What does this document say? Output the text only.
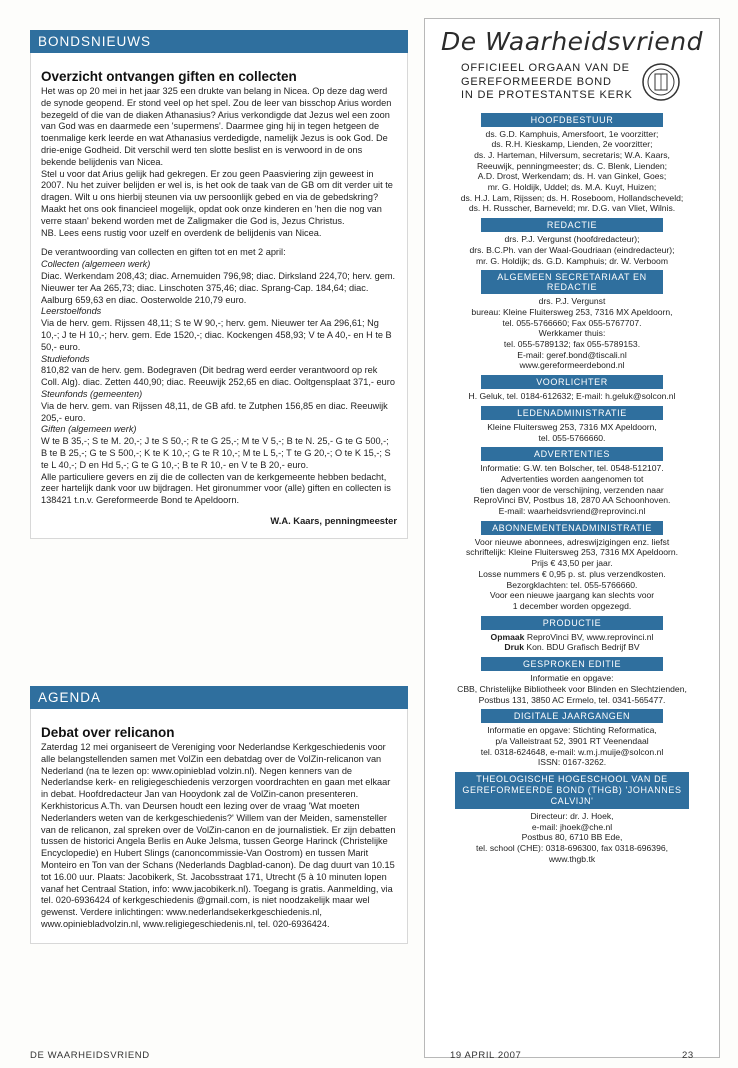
BONDSNIEUWS
Overzicht ontvangen giften en collecten

Het was op 20 mei in het jaar 325 een drukte van belang in Nicea. Op deze dag werd de synode geopend. Er stond veel op het spel. Zou de leer van bisschop Arius worden bezegeld of die van de diaken Athanasius? Arius verkondigde dat Jezus wel een zoon van God was en daarmede een 'supermens'. Daarmee ging hij in tegen hetgeen de toenmalige kerk leerde en wat Athanasius verdedigde, namelijk Jezus is ook God. De drie-enige Godheid. Dit verschil werd ten slotte beslist en is verwoord in de ons bekende belijdenis van Nicea.

Stel u voor dat Arius gelijk had gekregen. Er zou geen Paasviering zijn geweest in 2007. Nu het zuiver belijden er wel is, is het ook de taak van de GB om dit verder uit te dragen. Wilt u ons hierbij steunen via uw persoonlijk gebed en via de gebedskring? Maakt het ons ook financieel mogelijk, opdat ook onze kinderen en 'hen die nog van verre staan' bekend worden met de Zaligmaker die God is, Jezus Christus.

NB. Lees eens rustig voor uzelf en overdenk de belijdenis van Nicea.

De verantwoording van collecten en giften tot en met 2 april:

Collecten (algemeen werk)

Diac. Werkendam 208,43; diac. Arnemuiden 796,98; diac. Dirksland 224,70; herv. gem. Nieuwer ter Aa 265,73; diac. Linschoten 375,46; diac. Sprang-Cap. 184,64; diac. Aalburg 659,63 en diac. Oosterwolde 210,79 euro.

Leerstoelfonds

Via de herv. gem. Rijssen 48,11; S te W 90,-; herv. gem. Nieuwer ter Aa 296,61; Ng 10,-; J te H 10,-; herv. gem. Ede 1520,-; diac. Kockengen 458,93; V te A 40,- en H te B 50,- euro.

Studiefonds

810,82 van de herv. gem. Bodegraven (Dit bedrag werd eerder verantwoord op rek Coll. Alg). diac. Zetten 440,90; diac. Reeuwijk 252,65 en diac. Ooltgensplaat 371,- euro

Steunfonds (gemeenten)

Via de herv. gem. van Rijssen 48,11, de GB afd. te Zutphen 156,85 en diac. Reeuwijk 205,- euro.

Giften (algemeen werk)

W te B 35,-; S te M. 20,-; J te S 50,-; R te G 25,-; M te V 5,-; B te N. 25,- G te G 500,-; B te B 25,-; G te S 500,-; K te K 10,-; G te R 10,-; M te L 5,-; T te G 20,-; O te K 15,-; S te L 40,-; D en Hd 5,-; G te G 10,-; B te R 10,- en V te B 20,- euro.

Alle particuliere gevers en zij die de collecten van de kerkgemeente hebben bedacht, zeer hartelijk dank voor uw bijdragen. Het gironummer voor (alle) giften en collecten is 138421 t.n.v. Gereformeerde Bond te Apeldoorn.

W.A. Kaars, penningmeester
AGENDA
Debat over relicanon
Zaterdag 12 mei organiseert de Vereniging voor Nederlandse Kerkgeschiedenis voor alle belangstellenden samen met VolZin een debatdag over de VolZin-relicanon van Nederland (na te lezen op: www.opinieblad volzin.nl). Negen kenners van de Nederlandse kerk- en religiegeschiedenis verzorgen voordrachten en gaan met elkaar in debat. Hoofdredacteur Jan van Hooydonk zal de VolZin-canon presenteren. Kerkhistoricus A.Th. van Deursen houdt een lezing over de vraag 'Wat moeten Nederlanders weten van de kerkgeschiedenis?' Willem van der Meiden, samensteller van de relicanon, zal spreken over de VolZin-canon en de journalistiek. Er zijn debatten tussen de historici Angela Berlis en Auke Jelsma, tussen George Harinck (Christelijke Encyclopedie) en Hubert Slings (canoncommissie-Van Oostrom) en tussen Marit Monteiro en Ton van der Schans (Nederlands Dagblad-canon). De dag duurt van 10.15 tot 16.00 uur. Plaats: Jacobikerk, St. Jacobsstraat 171, Utrecht (5 à 10 minuten lopen vanaf het Centraal Station, info: www.jacobikerk.nl). Toegang is gratis. Aanmelding, via tel. 020-6936424 of kerkgeschiedenis @gmail.com, is niet noodzakelijk maar wel gewenst. Verdere inlichtingen: www.nederlandsekerkgeschiedenis.nl, www.opiniebladvolzin.nl, www.religiegeschiedenis.nl, tel. 020-6936424.
De Waarheidsvriend
OFFICIEEL ORGAAN VAN DE
GEREFORMEERDE BOND
IN DE PROTESTANTSE KERK
HOOFDBESTUUR
ds. G.D. Kamphuis, Amersfoort, 1e voorzitter;
ds. R.H. Kieskamp, Lienden, 2e voorzitter;
ds. J. Harteman, Hilversum, secretaris; W.A. Kaars,
Reeuwijk, penningmeester; ds. C. Blenk, Lienden;
A.D. Drost, Werkendam; ds. H. van Ginkel, Goes;
mr. G. Holdijk, Uddel; ds. M.A. Kuyt, Huizen;
ds. H.J. Lam, Rijssen; ds. H. Roseboom, Hollandscheveld;
ds. H. Russcher, Barneveld; mr. D.G. van Vliet, Wilnis.
REDACTIE
drs. P.J. Vergunst (hoofdredacteur);
drs. B.C.Ph. van der Waal-Goudriaan (eindredacteur);
mr. G. Holdijk; ds. G.D. Kamphuis; dr. W. Verboom
ALGEMEEN SECRETARIAAT EN REDACTIE
drs. P.J. Vergunst
bureau: Kleine Fluitersweg 253, 7316 MX Apeldoorn,
tel. 055-5766660; Fax 055-5767707.
Werkkamer thuis:
tel. 055-5789132; fax 055-5789153.
E-mail: geref.bond@tiscali.nl
www.gereformeerdebond.nl
VOORLICHTER
H. Geluk, tel. 0184-612632; E-mail: h.geluk@solcon.nl
LEDENADMINISTRATIE
Kleine Fluitersweg 253, 7316 MX Apeldoorn,
tel. 055-5766660.
ADVERTENTIES
Informatie: G.W. ten Bolscher, tel. 0548-512107.
Advertenties worden aangenomen tot
tien dagen voor de verschijning, verzenden naar
ReproVinci BV, Postbus 18, 2870 AA Schoonhoven.
E-mail: waarheidsvriend@reprovinci.nl
ABONNEMENTENADMINISTRATIE
Voor nieuwe abonnees, adreswijzigingen enz. liefst
schriftelijk: Kleine Fluitersweg 253, 7316 MX Apeldoorn.
Prijs € 43,50 per jaar.
Losse nummers € 0,95 p. st. plus verzendkosten.
Bezorgklachten: tel. 055-5766660.
Voor een nieuwe jaargang kan slechts voor
1 december worden opgezegd.
PRODUCTIE
Opmaak ReproVinci BV, www.reprovinci.nl
Druk Kon. BDU Grafisch Bedrijf BV
GESPROKEN EDITIE
Informatie en opgave:
CBB, Christelijke Bibliotheek voor Blinden en Slechtzienden,
Postbus 131, 3850 AC Ermelo, tel. 0341-565477.
DIGITALE JAARGANGEN
Informatie en opgave: Stichting Reformatica,
p/a Valleistraat 52, 3901 RT Veenendaal
tel. 0318-624648, e-mail: w.m.j.muije@solcon.nl
ISSN: 0167-3262.
THEOLOGISCHE HOGESCHOOL VAN DE GEREFORMEERDE BOND (THGB) 'JOHANNES CALVIJN'
Directeur: dr. J. Hoek,
e-mail: jhoek@che.nl
Postbus 80, 6710 BB Ede,
tel. school (CHE): 0318-696300, fax 0318-696396,
www.thgb.tk
DE WAARHEIDSVRIEND	19 APRIL 2007	23
